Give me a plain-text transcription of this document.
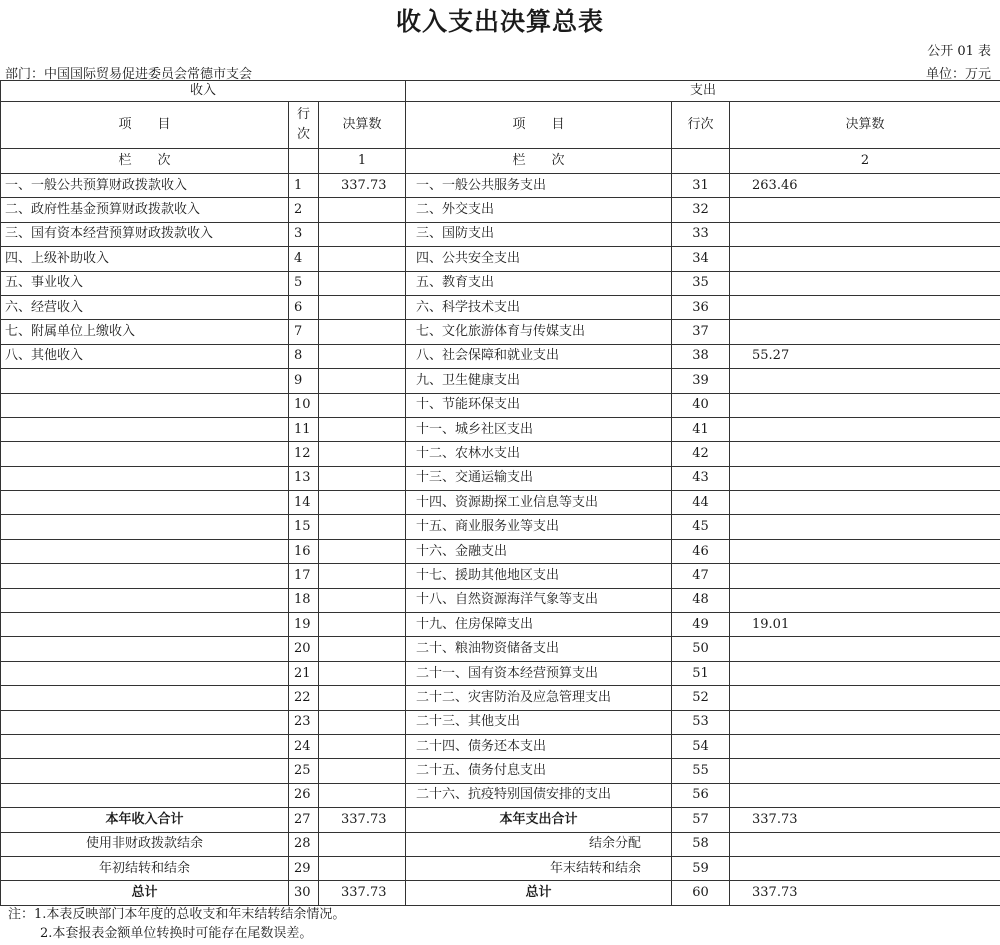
收入支出决算总表
公开 01 表
部门：中国国际贸易促进委员会常德市支会	单位：万元
收入			支出		
项　　目	行
次	决算数	项　　目	行次	决算数
栏　　次		1	栏　　次		2
一、一般公共预算财政拨款收入	1	337.73	一、一般公共服务支出	31	263.46
二、政府性基金预算财政拨款收入	2		二、外交支出	32	
三、国有资本经营预算财政拨款收入	3		三、国防支出	33	
四、上级补助收入	4		四、公共安全支出	34	
五、事业收入	5		五、教育支出	35	
六、经营收入	6		六、科学技术支出	36	
七、附属单位上缴收入	7		七、文化旅游体育与传媒支出	37	
八、其他收入	8		八、社会保障和就业支出	38	55.27
	9		九、卫生健康支出	39	
	10		十、节能环保支出	40	
	11		十一、城乡社区支出	41	
	12		十二、农林水支出	42	
	13		十三、交通运输支出	43	
	14		十四、资源勘探工业信息等支出	44	
	15		十五、商业服务业等支出	45	
	16		十六、金融支出	46	
	17		十七、援助其他地区支出	47	
	18		十八、自然资源海洋气象等支出	48	
	19		十九、住房保障支出	49	19.01
	20		二十、粮油物资储备支出	50	
	21		二十一、国有资本经营预算支出	51	
	22		二十二、灾害防治及应急管理支出	52	
	23		二十三、其他支出	53	
	24		二十四、债务还本支出	54	
	25		二十五、债务付息支出	55	
	26		二十六、抗疫特别国债安排的支出	56	
本年收入合计	27	337.73	本年支出合计	57	337.73
使用非财政拨款结余	28		结余分配	58	
年初结转和结余	29		年末结转和结余	59	
总计	30	337.73	总计	60	337.73
注：1.本表反映部门本年度的总收支和年末结转结余情况。
2.本套报表金额单位转换时可能存在尾数误差。
